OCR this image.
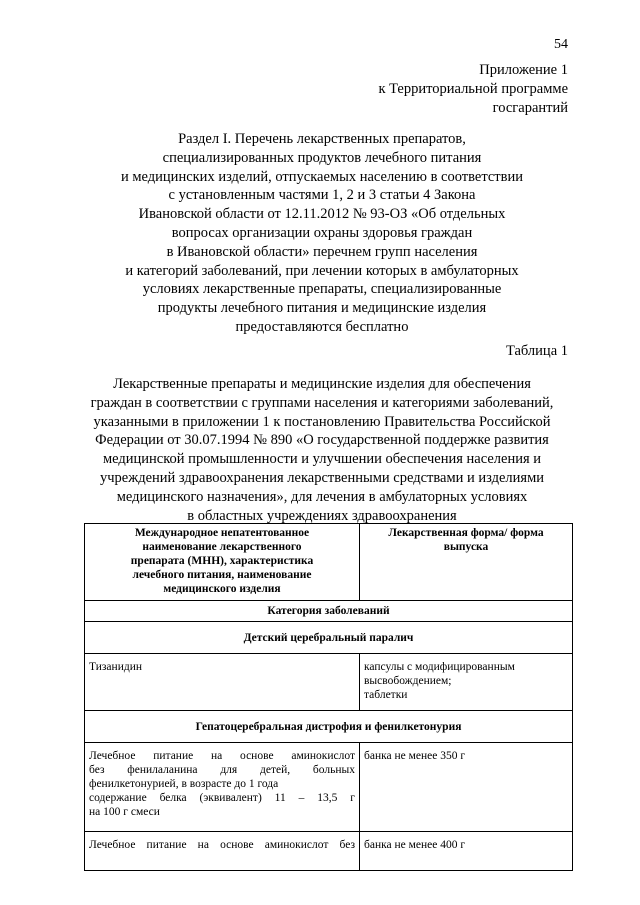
54
Приложение 1
к Территориальной программе
госгарантий
Раздел I. Перечень лекарственных препаратов,
специализированных продуктов лечебного питания
и медицинских изделий, отпускаемых населению в соответствии
с установленным частями 1, 2 и 3 статьи 4 Закона
Ивановской области от 12.11.2012 № 93-ОЗ «Об отдельных
вопросах организации охраны здоровья граждан
в Ивановской области» перечнем групп населения
и категорий заболеваний, при лечении которых в амбулаторных
условиях лекарственные препараты, специализированные
продукты лечебного питания и медицинские изделия
предоставляются бесплатно
Таблица 1
Лекарственные препараты и медицинские изделия для обеспечения
граждан в соответствии с группами населения и категориями заболеваний,
указанными в приложении 1 к постановлению Правительства Российской
Федерации от 30.07.1994 № 890 «О государственной поддержке развития
медицинской промышленности и улучшении обеспечения населения и
учреждений здравоохранения лекарственными средствами и изделиями
медицинского назначения», для лечения в амбулаторных условиях
в областных учреждениях здравоохранения
Международное непатентованное
наименование лекарственного
препарата (МНН), характеристика
лечебного питания, наименование
медицинского изделия	Лекарственная форма/ форма
выпуска

Категория заболеваний	
Детский церебральный паралич	

Тизанидин	капсулы с модифицированным
высвобождением;
таблетки

Гепатоцеребральная дистрофия и фенилкетонурия	

Лечебное питание на основе аминокислот
без фенилаланина для детей, больных
фенилкетонурией, в возрасте до 1 года
содержание белка (эквивалент) 11 – 13,5 г
на 100 г смеси	банка не менее 350 г

Лечебное питание на основе аминокислот без	банка не менее 400 г
